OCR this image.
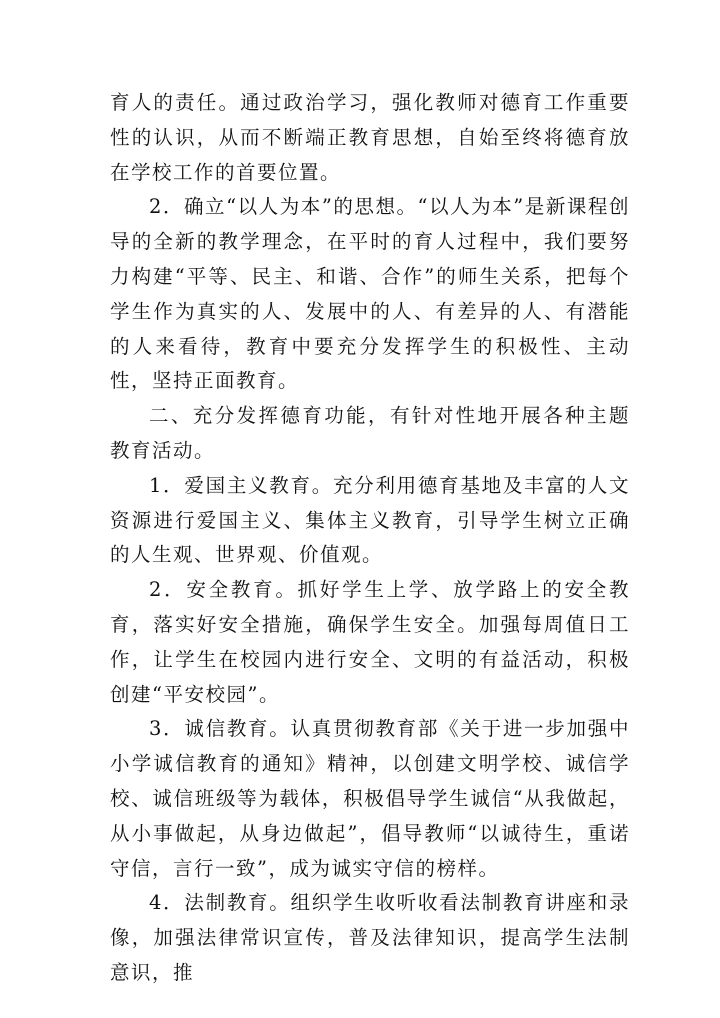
育人的责任。通过政治学习，强化教师对德育工作重要性的认识，从而不断端正教育思想，自始至终将德育放在学校工作的首要位置。

2．确立“以人为本”的思想。“以人为本”是新课程创导的全新的教学理念，在平时的育人过程中，我们要努力构建“平等、民主、和谐、合作”的师生关系，把每个学生作为真实的人、发展中的人、有差异的人、有潜能的人来看待，教育中要充分发挥学生的积极性、主动性，坚持正面教育。

二、充分发挥德育功能，有针对性地开展各种主题教育活动。

1．爱国主义教育。充分利用德育基地及丰富的人文资源进行爱国主义、集体主义教育，引导学生树立正确的人生观、世界观、价值观。

2．安全教育。抓好学生上学、放学路上的安全教育，落实好安全措施，确保学生安全。加强每周值日工作，让学生在校园内进行安全、文明的有益活动，积极创建“平安校园”。

3．诚信教育。认真贯彻教育部《关于进一步加强中小学诚信教育的通知》精神，以创建文明学校、诚信学校、诚信班级等为载体，积极倡导学生诚信“从我做起，从小事做起，从身边做起”，倡导教师“以诚待生，重诺守信，言行一致”，成为诚实守信的榜样。

4．法制教育。组织学生收听收看法制教育讲座和录像，加强法律常识宣传，普及法律知识，提高学生法制意识，推
